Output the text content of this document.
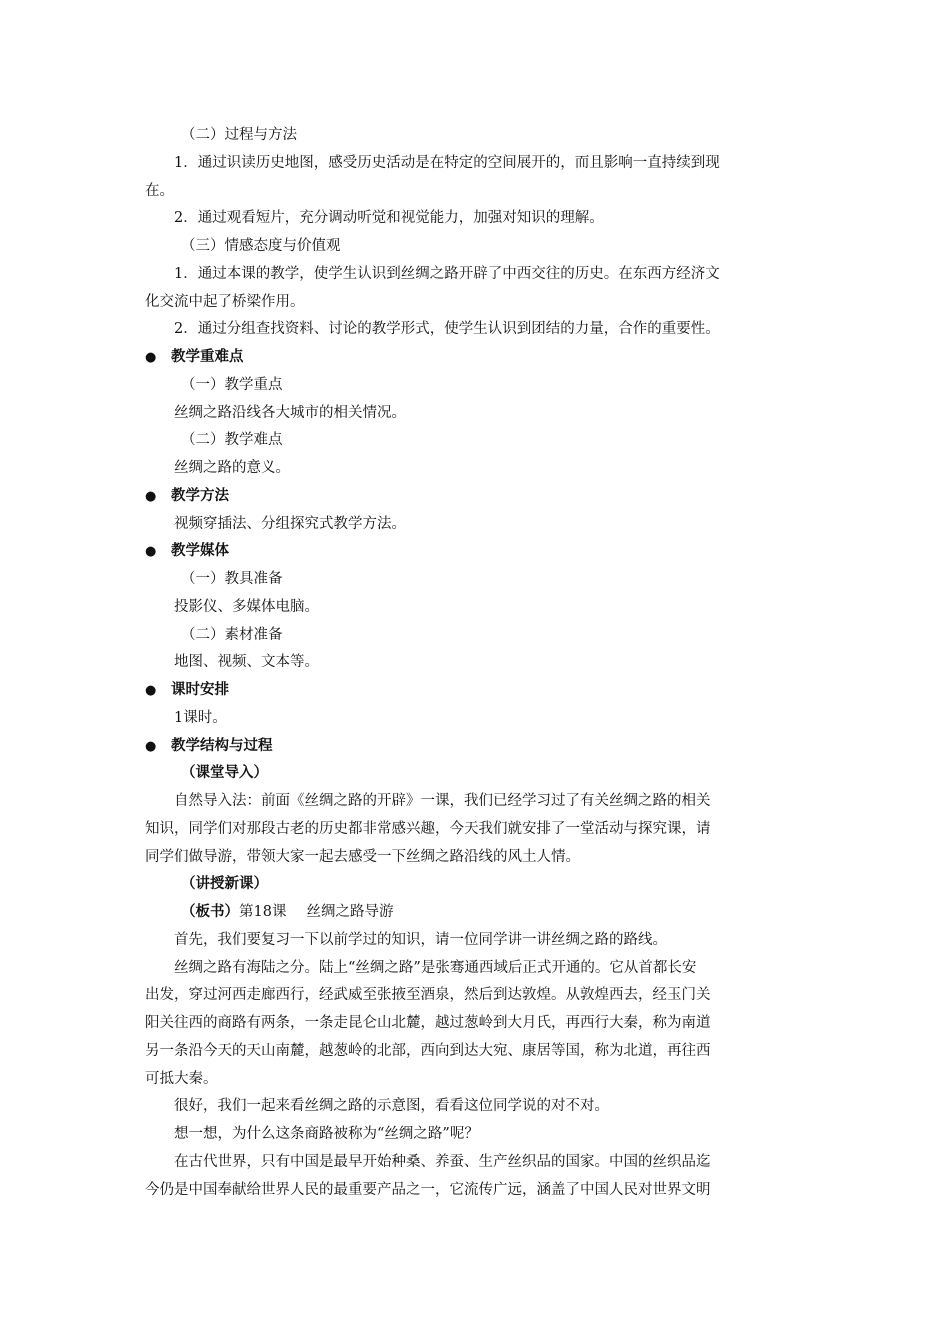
（二）过程与方法

1．通过识读历史地图，感受历史活动是在特定的空间展开的，而且影响一直持续到现

在。

2．通过观看短片，充分调动听觉和视觉能力，加强对知识的理解。

（三）情感态度与价值观

1．通过本课的教学，使学生认识到丝绸之路开辟了中西交往的历史。在东西方经济文

化交流中起了桥梁作用。

2．通过分组查找资料、讨论的教学形式，使学生认识到团结的力量，合作的重要性。

● 教学重难点

（一）教学重点

丝绸之路沿线各大城市的相关情况。

（二）教学难点

丝绸之路的意义。

● 教学方法

视频穿插法、分组探究式教学方法。

● 教学媒体

（一）教具准备

投影仪、多媒体电脑。

（二）素材准备

地图、视频、文本等。

● 课时安排

1课时。

● 教学结构与过程

（课堂导入）

自然导入法：前面《丝绸之路的开辟》一课，我们已经学习过了有关丝绸之路的相关

知识，同学们对那段古老的历史都非常感兴趣，今天我们就安排了一堂活动与探究课，请

同学们做导游，带领大家一起去感受一下丝绸之路沿线的风土人情。

（讲授新课）

（板书）第18课 丝绸之路导游

首先，我们要复习一下以前学过的知识，请一位同学讲一讲丝绸之路的路线。

丝绸之路有海陆之分。陆上“丝绸之路”是张骞通西域后正式开通的。它从首都长安

出发，穿过河西走廊西行，经武威至张掖至酒泉，然后到达敦煌。从敦煌西去，经玉门关

阳关往西的商路有两条，一条走昆仑山北麓，越过葱岭到大月氏，再西行大秦，称为南道

另一条沿今天的天山南麓，越葱岭的北部，西向到达大宛、康居等国，称为北道，再往西

可抵大秦。

很好，我们一起来看丝绸之路的示意图，看看这位同学说的对不对。

想一想，为什么这条商路被称为“丝绸之路”呢？

在古代世界，只有中国是最早开始种桑、养蚕、生产丝织品的国家。中国的丝织品迄

今仍是中国奉献给世界人民的最重要产品之一，它流传广远，涵盖了中国人民对世界文明
